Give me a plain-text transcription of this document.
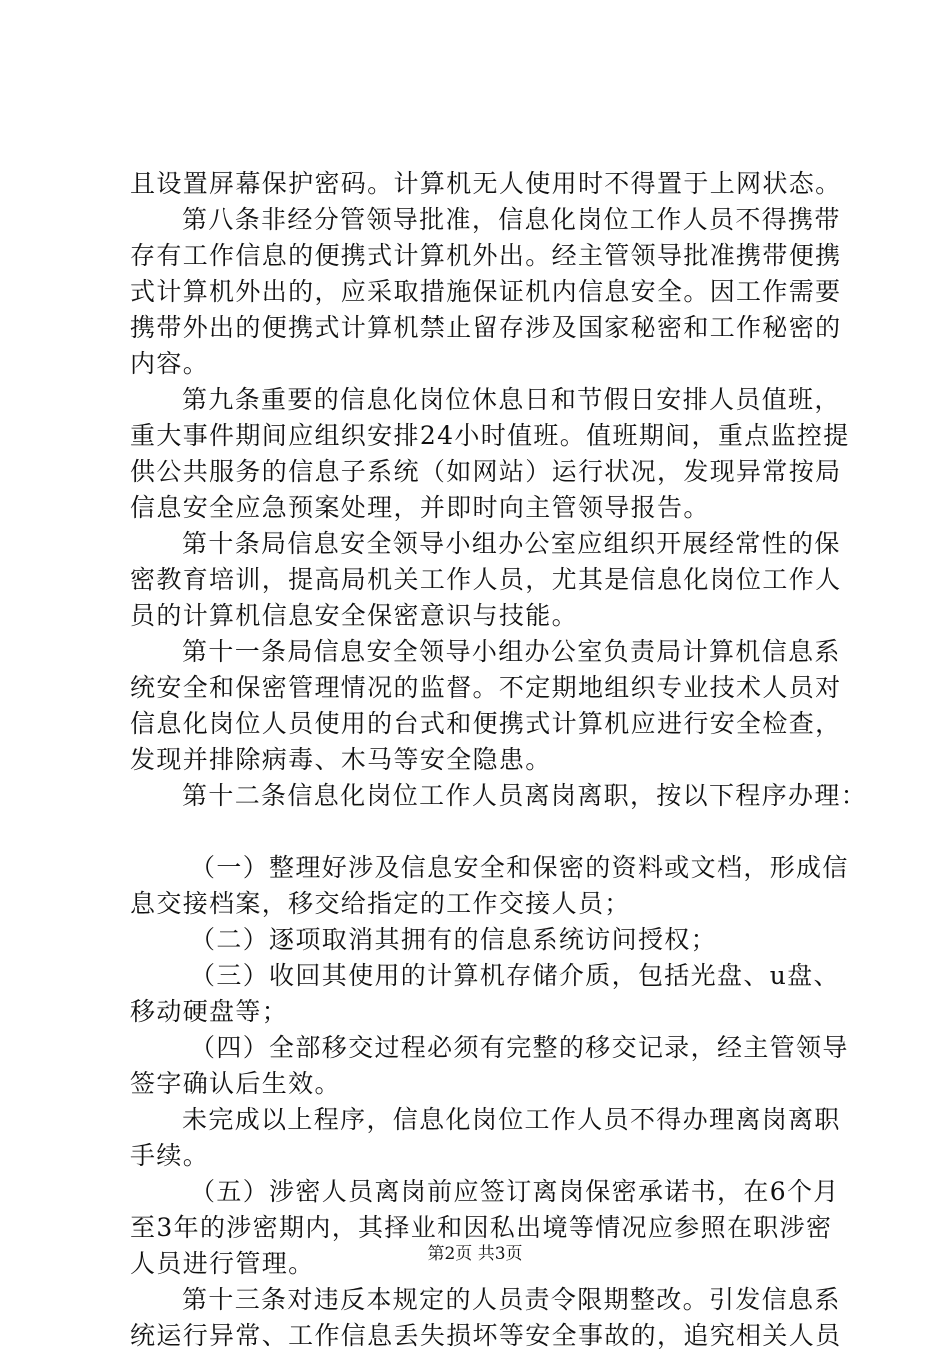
且设置屏幕保护密码。计算机无人使用时不得置于上网状态。
第八条非经分管领导批准，信息化岗位工作人员不得携带
存有工作信息的便携式计算机外出。经主管领导批准携带便携
式计算机外出的，应采取措施保证机内信息安全。因工作需要
携带外出的便携式计算机禁止留存涉及国家秘密和工作秘密的
内容。
第九条重要的信息化岗位休息日和节假日安排人员值班，
重大事件期间应组织安排24小时值班。值班期间，重点监控提
供公共服务的信息子系统（如网站）运行状况，发现异常按局
信息安全应急预案处理，并即时向主管领导报告。
第十条局信息安全领导小组办公室应组织开展经常性的保
密教育培训，提高局机关工作人员，尤其是信息化岗位工作人
员的计算机信息安全保密意识与技能。
第十一条局信息安全领导小组办公室负责局计算机信息系
统安全和保密管理情况的监督。不定期地组织专业技术人员对
信息化岗位人员使用的台式和便携式计算机应进行安全检查，
发现并排除病毒、木马等安全隐患。
第十二条信息化岗位工作人员离岗离职，按以下程序办理：
（一）整理好涉及信息安全和保密的资料或文档，形成信
息交接档案，移交给指定的工作交接人员；
（二）逐项取消其拥有的信息系统访问授权；
（三）收回其使用的计算机存储介质，包括光盘、u盘、
移动硬盘等；
（四）全部移交过程必须有完整的移交记录，经主管领导
签字确认后生效。
未完成以上程序，信息化岗位工作人员不得办理离岗离职
手续。
（五）涉密人员离岗前应签订离岗保密承诺书，在6个月
至3年的涉密期内，其择业和因私出境等情况应参照在职涉密
人员进行管理。
第十三条对违反本规定的人员责令限期整改。引发信息系
统运行异常、工作信息丢失损坏等安全事故的，追究相关人员
第2页 共3页
